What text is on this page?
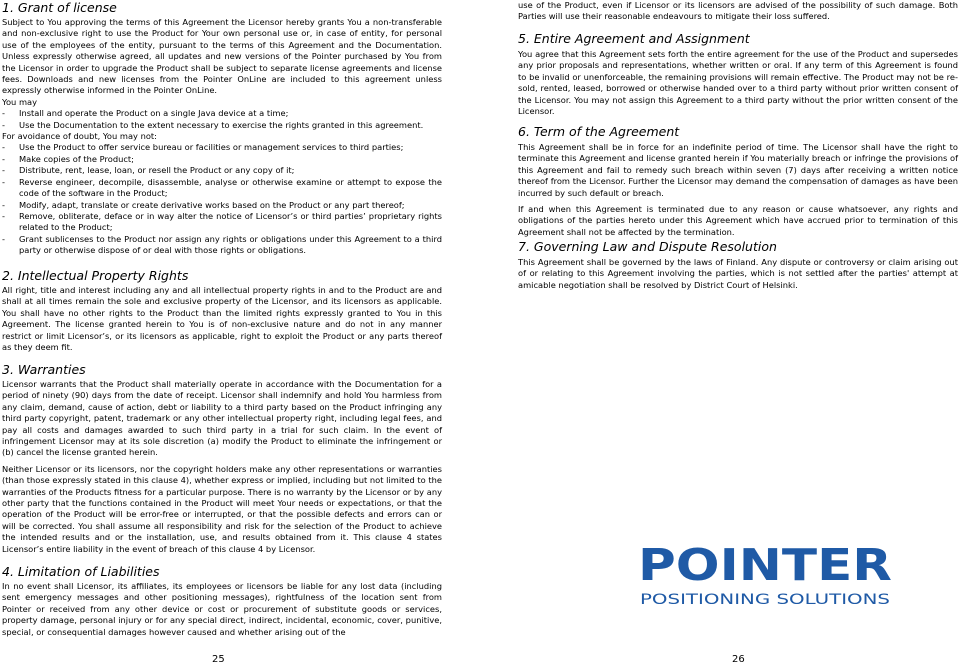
1. Grant of license

Subject to You approving the terms of this Agreement the Licensor hereby grants You a non-transferable and non-exclusive right to use the Product for Your own personal use or, in case of entity, for personal use of the employees of the entity, pursuant to the terms of this Agreement and the Documentation. Unless expressly otherwise agreed, all updates and new versions of the Pointer purchased by You from the Licensor in order to upgrade the Product shall be subject to separate license agreements and license fees. Downloads and new licenses from the Pointer OnLine are included to this agreement unless expressly otherwise informed in the Pointer OnLine.

You may

- Install and operate the Product on a single Java device at a time;
- Use the Documentation to the extent necessary to exercise the rights granted in this agreement.

For avoidance of doubt, You may not:

- Use the Product to offer service bureau or facilities or management services to third parties;
- Make copies of the Product;
- Distribute, rent, lease, loan, or resell the Product or any copy of it;
- Reverse engineer, decompile, disassemble, analyse or otherwise examine or attempt to expose the code of the software in the Product;
- Modify, adapt, translate or create derivative works based on the Product or any part thereof;
- Remove, obliterate, deface or in way alter the notice of Licensor’s or third parties’ proprietary rights related to the Product;
- Grant sublicenses to the Product nor assign any rights or obligations under this Agreement to a third party or otherwise dispose of or deal with those rights or obligations.
2. Intellectual Property Rights

All right, title and interest including any and all intellectual property rights in and to the Product are and shall at all times remain the sole and exclusive property of the Licensor, and its licensors as applicable. You shall have no other rights to the Product than the limited rights expressly granted to You in this Agreement. The license granted herein to You is of non-exclusive nature and do not in any manner restrict or limit Licensor’s, or its licensors as applicable, right to exploit the Product or any parts thereof as they deem fit.

3. Warranties

Licensor warrants that the Product shall materially operate in accordance with the Documentation for a period of ninety (90) days from the date of receipt. Licensor shall indemnify and hold You harmless from any claim, demand, cause of action, debt or liability to a third party based on the Product infringing any third party copyright, patent, trademark or any other intellectual property right, including legal fees, and pay all costs and damages awarded to such third party in a trial for such claim. In the event of infringement Licensor may at its sole discretion (a) modify the Product to eliminate the infringement or (b) cancel the license granted herein.

Neither Licensor or its licensors, nor the copyright holders make any other representations or warranties (than those expressly stated in this clause 4), whether express or implied, including but not limited to the warranties of the Products fitness for a particular purpose. There is no warranty by the Licensor or by any other party that the functions contained in the Product will meet Your needs or expectations, or that the operation of the Product will be error-free or interrupted, or that the possible defects and errors can or will be corrected. You shall assume all responsibility and risk for the selection of the Product to achieve the intended results and or the installation, use, and results obtained from it. This clause 4 states Licensor’s entire liability in the event of breach of this clause 4 by Licensor.

4. Limitation of Liabilities

In no event shall Licensor, its affiliates, its employees or licensors be liable for any lost data (including sent emergency messages and other positioning messages), rightfulness of the location sent from Pointer or received from any other device or cost or procurement of substitute goods or services, property damage, personal injury or for any special direct, indirect, incidental, economic, cover, punitive, special, or consequential damages however caused and whether arising out of the

25

use of the Product, even if Licensor or its licensors are advised of the possibility of such damage. Both Parties will use their reasonable endeavours to mitigate their loss suffered.

5. Entire Agreement and Assignment

You agree that this Agreement sets forth the entire agreement for the use of the Product and supersedes any prior proposals and representations, whether written or oral. If any term of this Agreement is found to be invalid or unenforceable, the remaining provisions will remain effective. The Product may not be re-sold, rented, leased, borrowed or otherwise handed over to a third party without prior written consent of the Licensor. You may not assign this Agreement to a third party without the prior written consent of the Licensor.

6. Term of the Agreement

This Agreement shall be in force for an indefinite period of time. The Licensor shall have the right to terminate this Agreement and license granted herein if You materially breach or infringe the provisions of this Agreement and fail to remedy such breach within seven (7) days after receiving a written notice thereof from the Licensor. Further the Licensor may demand the compensation of damages as have been incurred by such default or breach.

If and when this Agreement is terminated due to any reason or cause whatsoever, any rights and obligations of the parties hereto under this Agreement which have accrued prior to termination of this Agreement shall not be affected by the termination.

7. Governing Law and Dispute Resolution

This Agreement shall be governed by the laws of Finland. Any dispute or controversy or claim arising out of or relating to this Agreement involving the parties, which is not settled after the parties' attempt at amicable negotiation shall be resolved by District Court of Helsinki.

POINTER
POSITIONING SOLUTIONS
26
